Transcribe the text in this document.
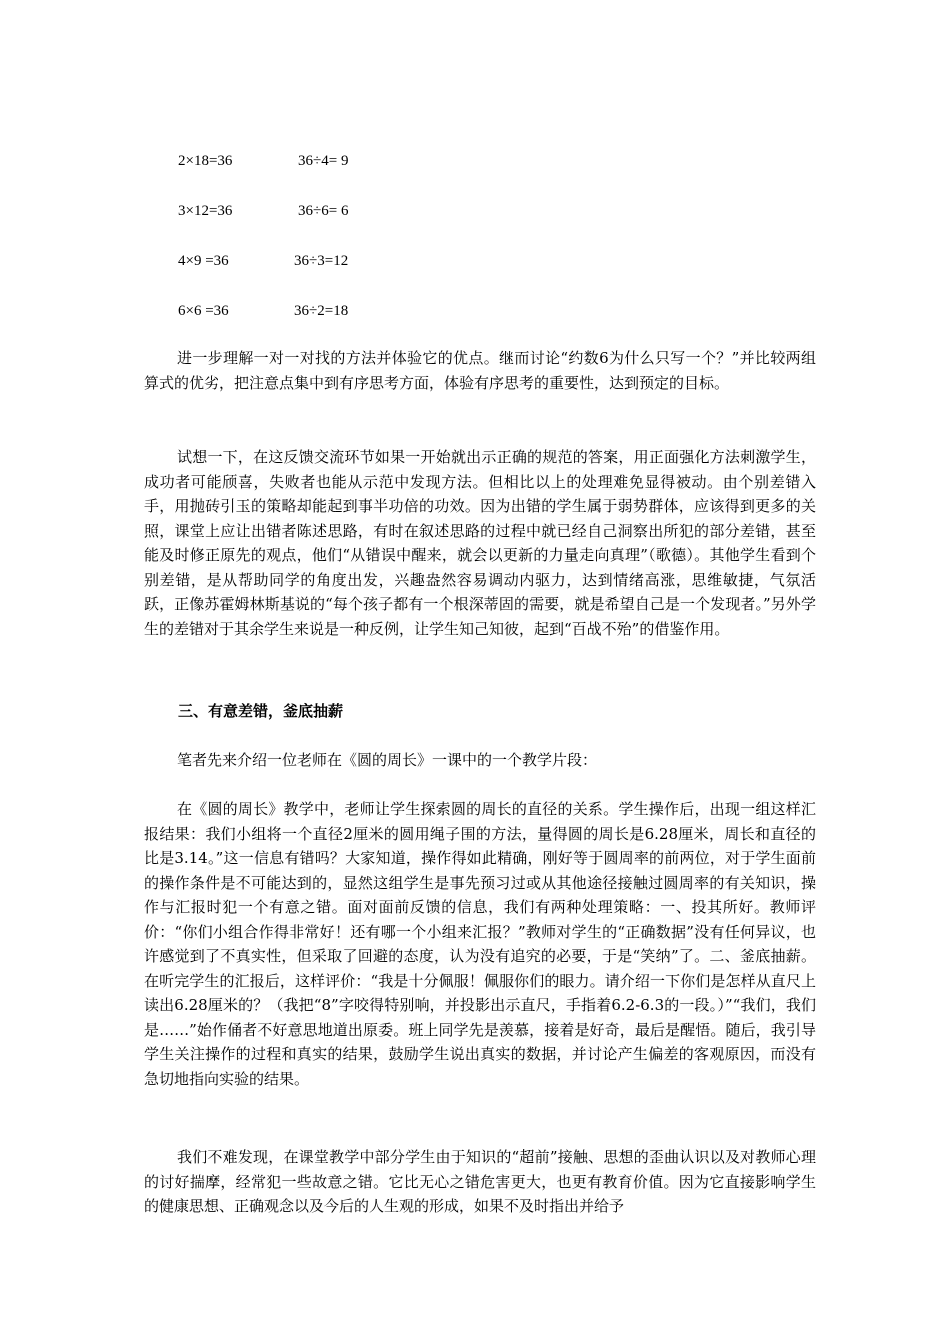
2×18=36	36÷4= 9
3×12=36	36÷6= 6
4×9 =36	36÷3=12
6×6 =36	36÷2=18

进一步理解一对一对找的方法并体验它的优点。继而讨论“约数6为什么只写一个？”并比较两组算式的优劣，把注意点集中到有序思考方面，体验有序思考的重要性，达到预定的目标。

试想一下，在这反馈交流环节如果一开始就出示正确的规范的答案，用正面强化方法刺激学生，成功者可能颀喜，失败者也能从示范中发现方法。但相比以上的处理难免显得被动。由个别差错入手，用抛砖引玉的策略却能起到事半功倍的功效。因为出错的学生属于弱势群体，应该得到更多的关照，课堂上应让出错者陈述思路，有时在叙述思路的过程中就已经自己洞察出所犯的部分差错，甚至能及时修正原先的观点，他们“从错误中醒来，就会以更新的力量走向真理”（歌德）。其他学生看到个别差错，是从帮助同学的角度出发，兴趣盎然容易调动内驱力，达到情绪高涨，思维敏捷，气氛活跃，正像苏霍姆林斯基说的“每个孩子都有一个根深蒂固的需要，就是希望自己是一个发现者。”另外学生的差错对于其余学生来说是一种反例，让学生知己知彼，起到“百战不殆”的借鉴作用。

三、有意差错，釜底抽薪

笔者先来介绍一位老师在《圆的周长》一课中的一个教学片段：

在《圆的周长》教学中，老师让学生探索圆的周长的直径的关系。学生操作后，出现一组这样汇报结果：我们小组将一个直径2厘米的圆用绳子围的方法，量得圆的周长是6.28厘米，周长和直径的比是3.14。”这一信息有错吗？大家知道，操作得如此精确，刚好等于圆周率的前两位，对于学生面前的操作条件是不可能达到的，显然这组学生是事先预习过或从其他途径接触过圆周率的有关知识，操作与汇报时犯一个有意之错。面对面前反馈的信息，我们有两种处理策略：一、投其所好。教师评价：“你们小组合作得非常好！还有哪一个小组来汇报？”教师对学生的“正确数据”没有任何异议，也许感觉到了不真实性，但采取了回避的态度，认为没有追究的必要，于是“笑纳”了。二、釜底抽薪。在听完学生的汇报后，这样评价：“我是十分佩服！佩服你们的眼力。请介绍一下你们是怎样从直尺上读出6.28厘米的？（我把“8”字咬得特别响，并投影出示直尺，手指着6.2-6.3的一段。）”“我们，我们是……”始作俑者不好意思地道出原委。班上同学先是羡慕，接着是好奇，最后是醒悟。随后，我引导学生关注操作的过程和真实的结果，鼓励学生说出真实的数据，并讨论产生偏差的客观原因，而没有急切地指向实验的结果。

我们不难发现，在课堂教学中部分学生由于知识的“超前”接触、思想的歪曲认识以及对教师心理的讨好揣摩，经常犯一些故意之错。它比无心之错危害更大，也更有教育价值。因为它直接影响学生的健康思想、正确观念以及今后的人生观的形成，如果不及时指出并给予
